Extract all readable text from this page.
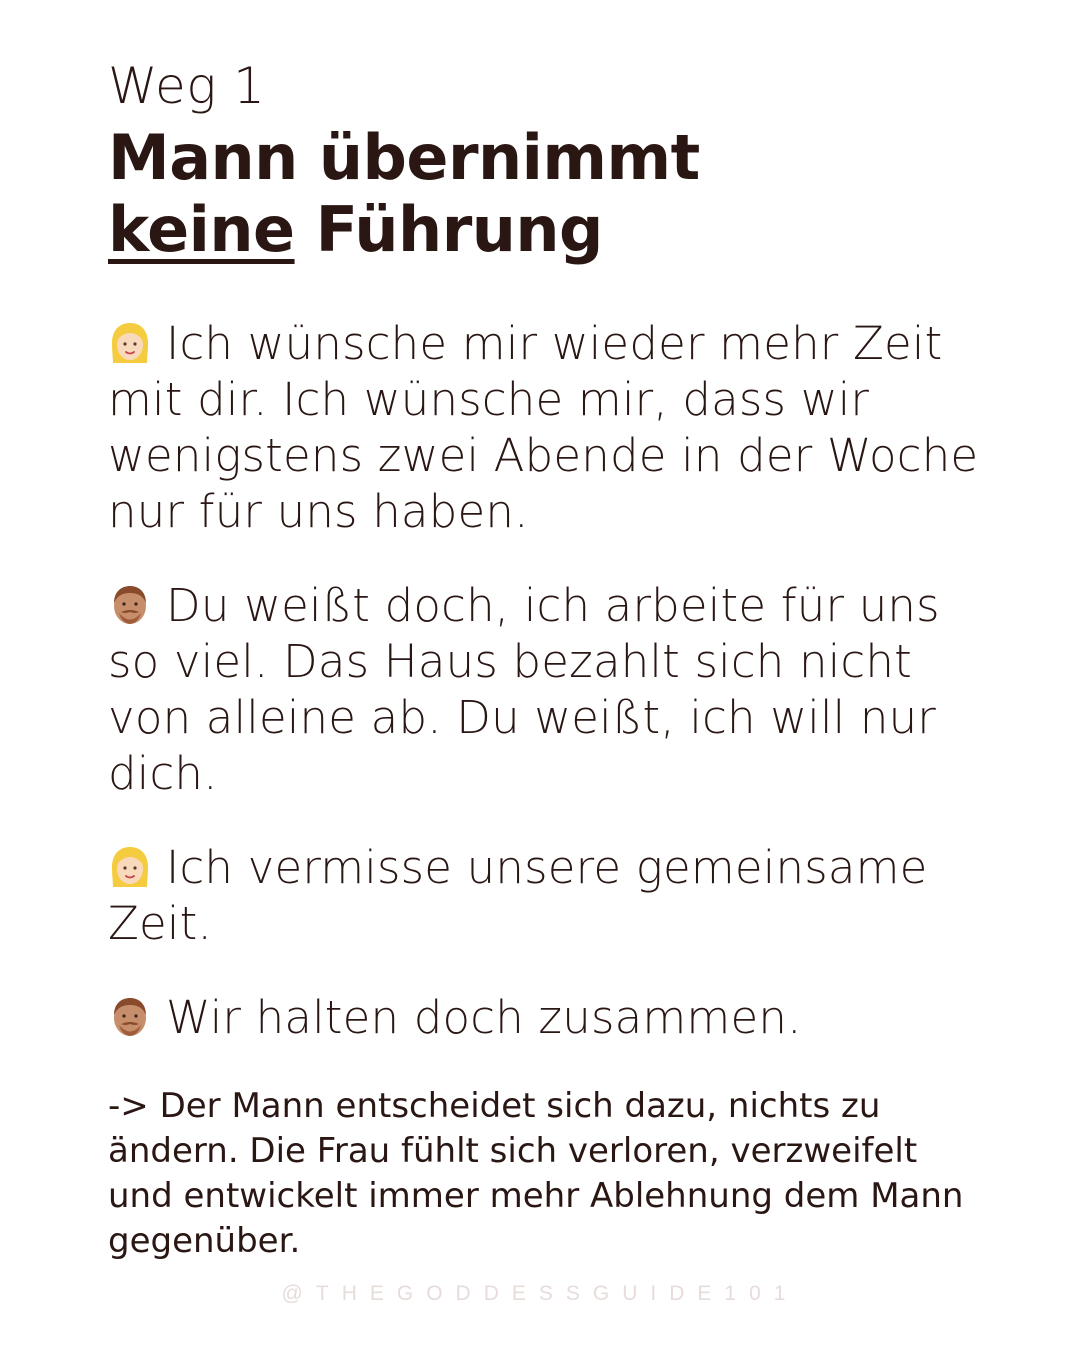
Weg 1

Mann übernimmt
keine Führung

Ich wünsche mir wieder mehr Zeit mit dir. Ich wünsche mir, dass wir wenigstens zwei Abende in der Woche nur für uns haben.

Du weißt doch, ich arbeite für uns so viel. Das Haus bezahlt sich nicht von alleine ab. Du weißt, ich will nur dich.

Ich vermisse unsere gemeinsame Zeit.

Wir halten doch zusammen.

-> Der Mann entscheidet sich dazu, nichts zu ändern. Die Frau fühlt sich verloren, verzweifelt und entwickelt immer mehr Ablehnung dem Mann gegenüber.

@THEGODDESSGUIDE101
